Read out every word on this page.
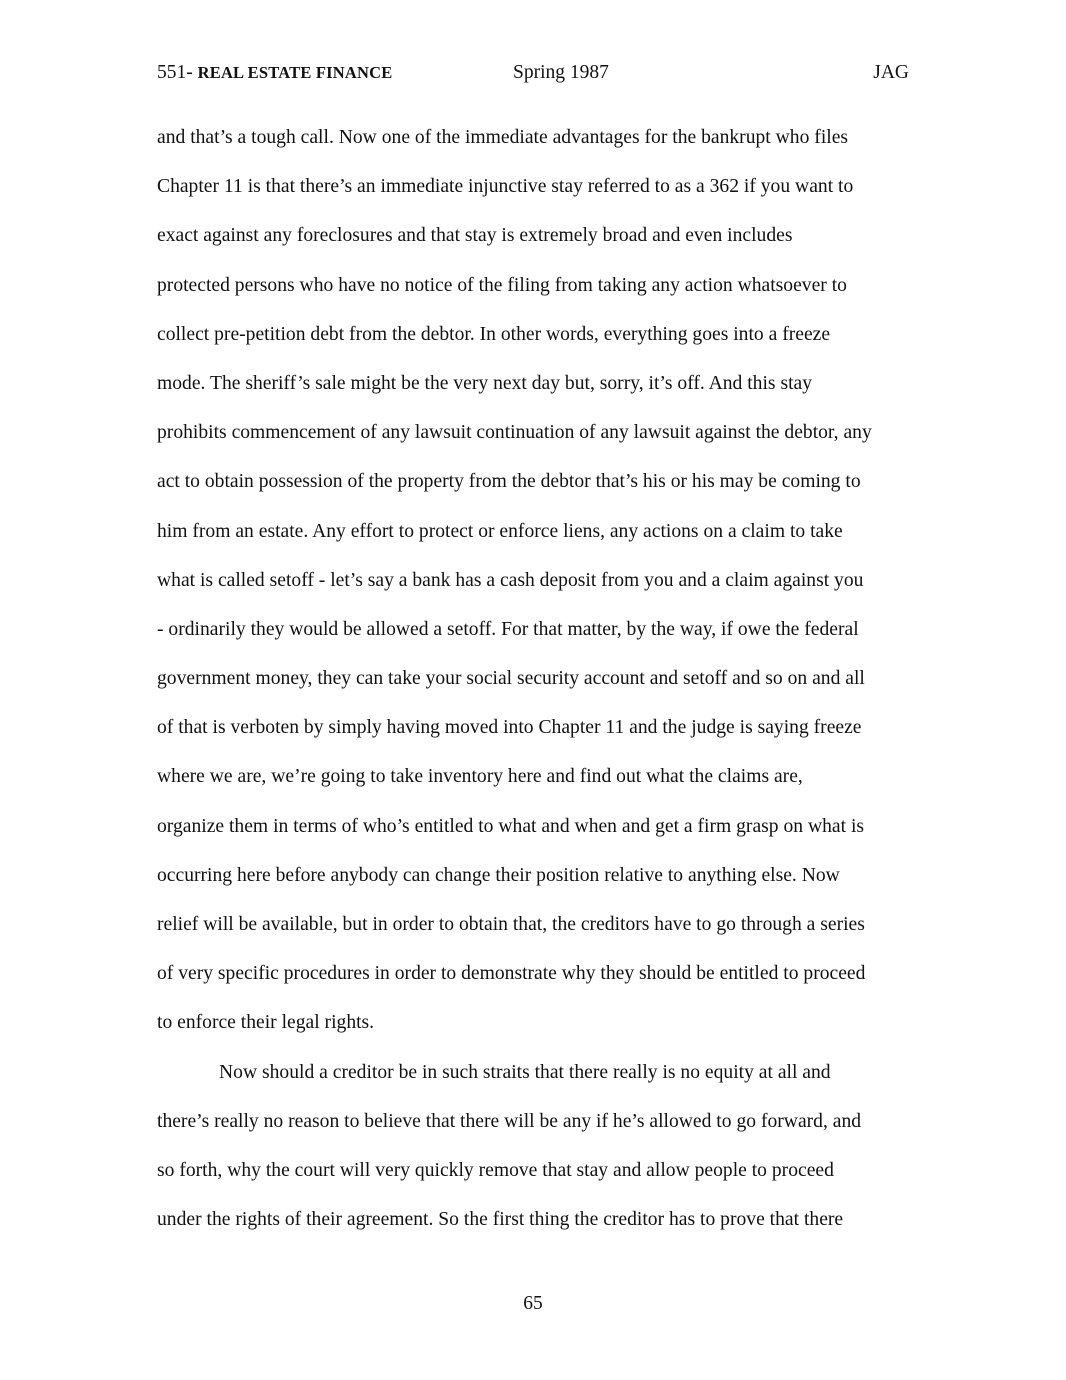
551- REAL ESTATE FINANCE	Spring 1987	JAG
and that’s a tough call. Now one of the immediate advantages for the bankrupt who files
Chapter 11 is that there’s an immediate injunctive stay referred to as a 362 if you want to
exact against any foreclosures and that stay is extremely broad and even includes
protected persons who have no notice of the filing from taking any action whatsoever to
collect pre-petition debt from the debtor. In other words, everything goes into a freeze
mode. The sheriff’s sale might be the very next day but, sorry, it’s off. And this stay
prohibits commencement of any lawsuit continuation of any lawsuit against the debtor, any
act to obtain possession of the property from the debtor that’s his or his may be coming to
him from an estate. Any effort to protect or enforce liens, any actions on a claim to take
what is called setoff - let’s say a bank has a cash deposit from you and a claim against you
- ordinarily they would be allowed a setoff. For that matter, by the way, if owe the federal
government money, they can take your social security account and setoff and so on and all
of that is verboten by simply having moved into Chapter 11 and the judge is saying freeze
where we are, we’re going to take inventory here and find out what the claims are,
organize them in terms of who’s entitled to what and when and get a firm grasp on what is
occurring here before anybody can change their position relative to anything else. Now
relief will be available, but in order to obtain that, the creditors have to go through a series
of very specific procedures in order to demonstrate why they should be entitled to proceed
to enforce their legal rights.
Now should a creditor be in such straits that there really is no equity at all and
there’s really no reason to believe that there will be any if he’s allowed to go forward, and
so forth, why the court will very quickly remove that stay and allow people to proceed
under the rights of their agreement. So the first thing the creditor has to prove that there
65
